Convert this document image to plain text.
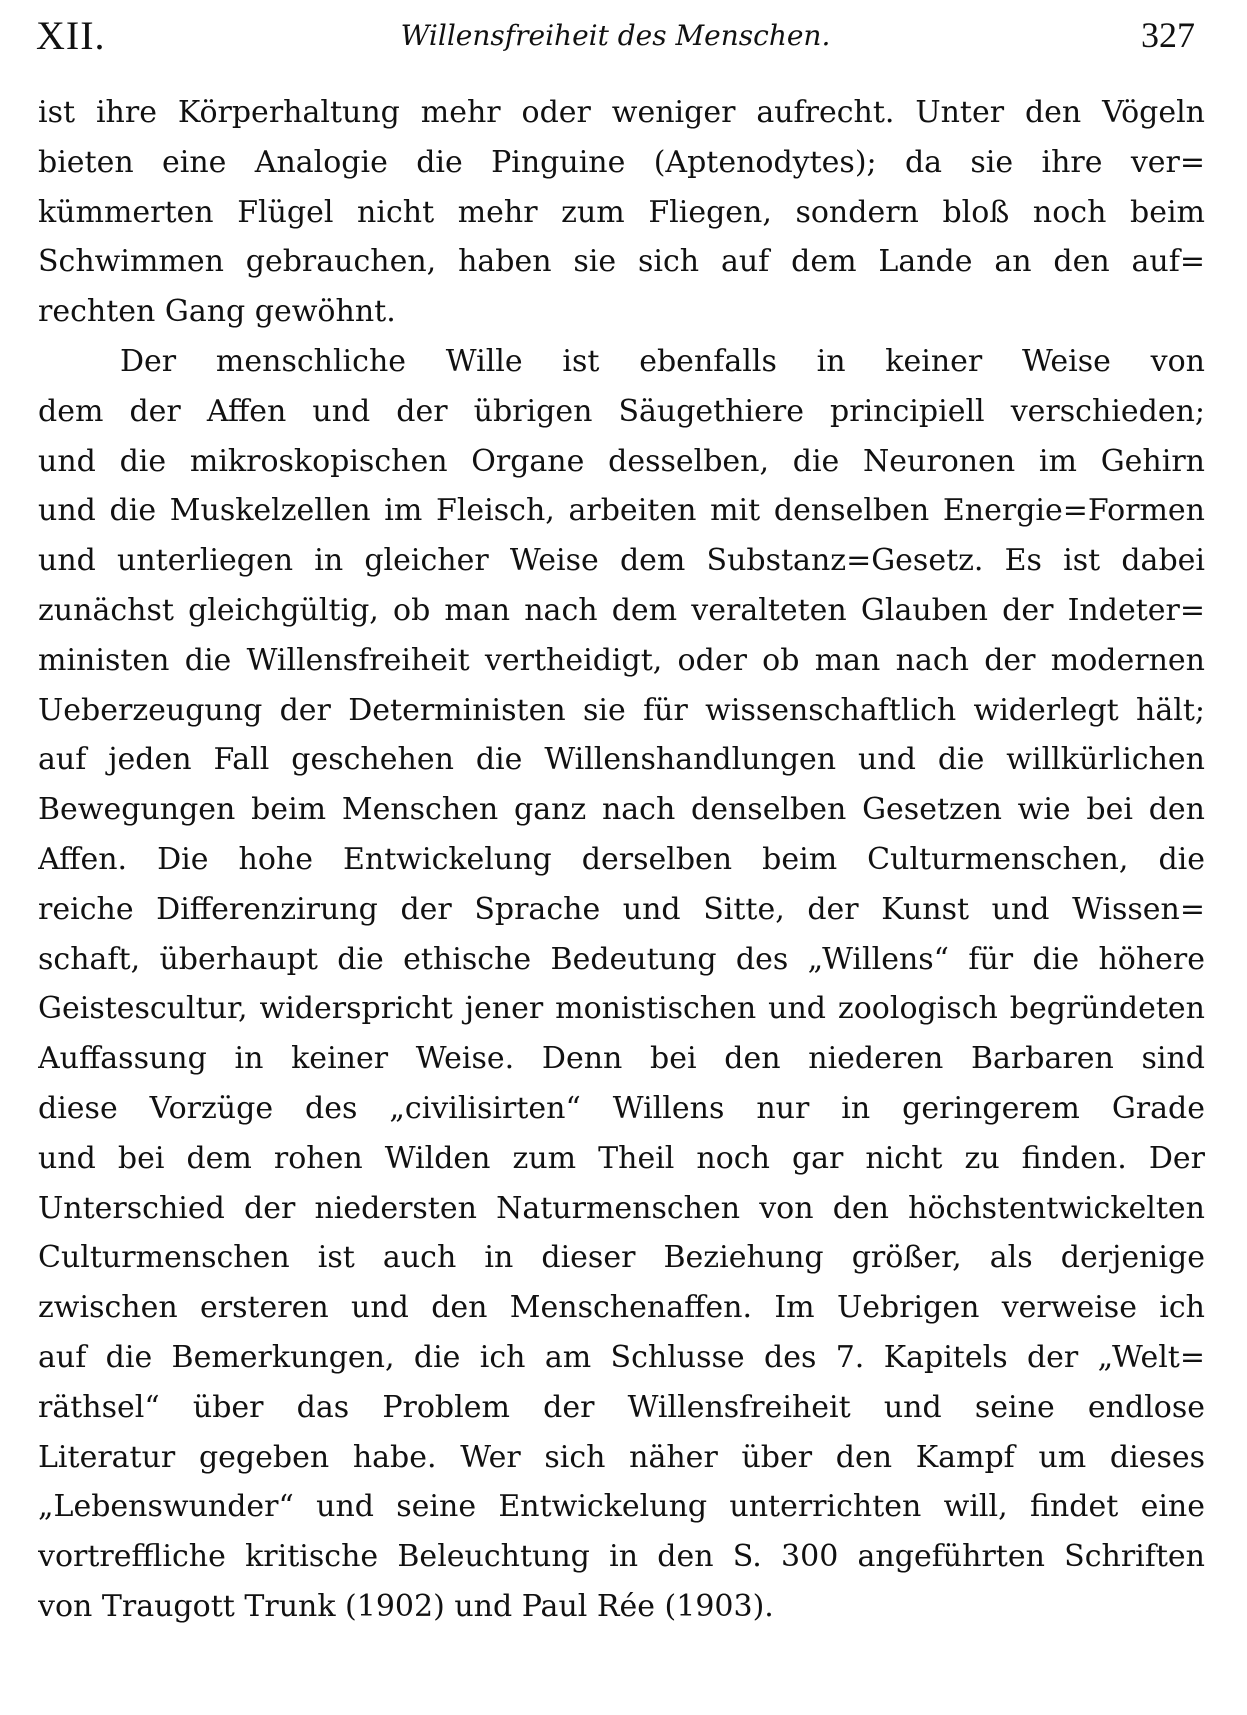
XII.	Willensfreiheit des Menschen.	327
ist ihre Körperhaltung mehr oder weniger aufrecht. Unter den Vögeln
bieten eine Analogie die Pinguine (Aptenodytes); da sie ihre ver=
kümmerten Flügel nicht mehr zum Fliegen, sondern bloß noch beim
Schwimmen gebrauchen, haben sie sich auf dem Lande an den auf=
rechten Gang gewöhnt.
Der menschliche Wille ist ebenfalls in keiner Weise von
dem der Affen und der übrigen Säugethiere principiell verschieden;
und die mikroskopischen Organe desselben, die Neuronen im Gehirn
und die Muskelzellen im Fleisch, arbeiten mit denselben Energie=Formen
und unterliegen in gleicher Weise dem Substanz=Gesetz. Es ist dabei
zunächst gleichgültig, ob man nach dem veralteten Glauben der Indeter=
ministen die Willensfreiheit vertheidigt, oder ob man nach der modernen
Ueberzeugung der Deterministen sie für wissenschaftlich widerlegt hält;
auf jeden Fall geschehen die Willenshandlungen und die willkürlichen
Bewegungen beim Menschen ganz nach denselben Gesetzen wie bei den
Affen. Die hohe Entwickelung derselben beim Culturmenschen, die
reiche Differenzirung der Sprache und Sitte, der Kunst und Wissen=
schaft, überhaupt die ethische Bedeutung des „Willens“ für die höhere
Geistescultur, widerspricht jener monistischen und zoologisch begründeten
Auffassung in keiner Weise. Denn bei den niederen Barbaren sind
diese Vorzüge des „civilisirten“ Willens nur in geringerem Grade
und bei dem rohen Wilden zum Theil noch gar nicht zu finden. Der
Unterschied der niedersten Naturmenschen von den höchstentwickelten
Culturmenschen ist auch in dieser Beziehung größer, als derjenige
zwischen ersteren und den Menschenaffen. Im Uebrigen verweise ich
auf die Bemerkungen, die ich am Schlusse des 7. Kapitels der „Welt=
räthsel“ über das Problem der Willensfreiheit und seine endlose
Literatur gegeben habe. Wer sich näher über den Kampf um dieses
„Lebenswunder“ und seine Entwickelung unterrichten will, findet eine
vortreffliche kritische Beleuchtung in den S. 300 angeführten Schriften
von Traugott Trunk (1902) und Paul Rée (1903).
